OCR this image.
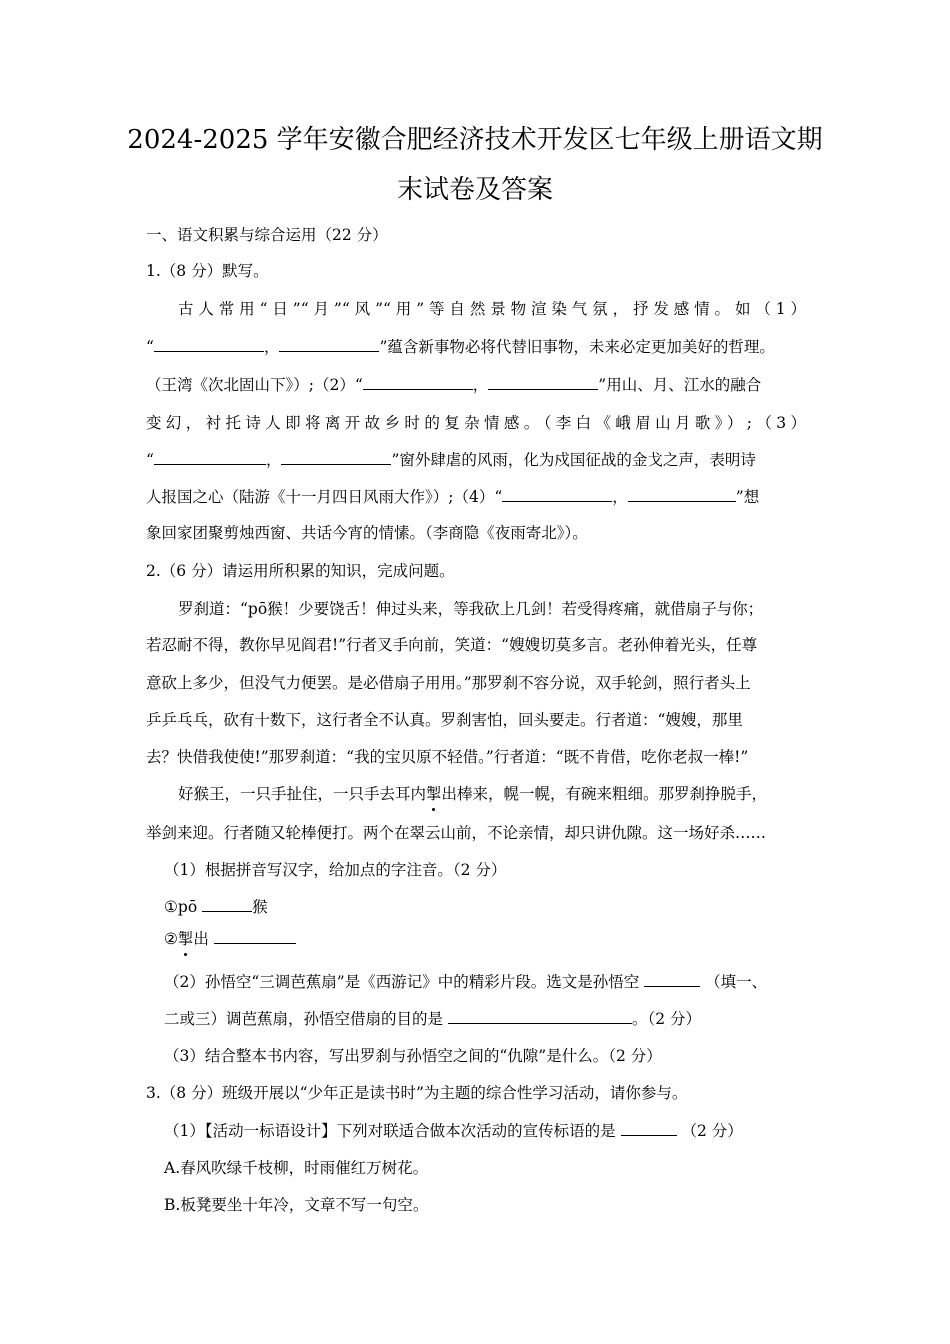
2024-2025 学年安徽合肥经济技术开发区七年级上册语文期
末试卷及答案
一、语文积累与综合运用（22 分）
1.（8 分）默写。
古人常用“日”“月”“风”“用”等自然景物渲染气氛，抒发感情。如（1）
“	，	”蕴含新事物必将代替旧事物，未来必定更加美好的哲理。
（王湾《次北固山下》）;（2）“	，	”用山、月、江水的融合
变幻，衬托诗人即将离开故乡时的复杂情感。（李白《峨眉山月歌》）;（3）
“	，	”窗外肆虐的风雨，化为戍国征战的金戈之声，表明诗
人报国之心（陆游《十一月四日风雨大作》）;（4）“	，	”想
象回家团聚剪烛西窗、共话今宵的情愫。（李商隐《夜雨寄北》）。
2.（6 分）请运用所积累的知识，完成问题。
罗刹道：“pō猴！少要饶舌！伸过头来，等我砍上几剑！若受得疼痛，就借扇子与你；
若忍耐不得，教你早见阎君!”行者叉手向前，笑道：“嫂嫂切莫多言。老孙伸着光头，任尊
意砍上多少，但没气力便罢。是必借扇子用用。”那罗刹不容分说，双手轮剑，照行者头上
乒乒乓乓，砍有十数下，这行者全不认真。罗刹害怕，回头要走。行者道：“嫂嫂，那里
去？快借我使使!”那罗刹道：“我的宝贝原不轻借。”行者道：“既不肯借，吃你老叔一棒!”
好猴王，一只手扯住，一只手去耳内掣出棒来，幌一幌，有碗来粗细。那罗刹挣脱手，
举剑来迎。行者随又轮棒便打。两个在翠云山前，不论亲情，却只讲仇隙。这一场好杀……
（1）根据拼音写汉字，给加点的字注音。（2 分）
①pō	猴
②掣出
（2）孙悟空“三调芭蕉扇”是《西游记》中的精彩片段。选文是孙悟空	（填一、
二或三）调芭蕉扇，孙悟空借扇的目的是	。（2 分）
（3）结合整本书内容，写出罗刹与孙悟空之间的“仇隙”是什么。（2 分）
3.（8 分）班级开展以“少年正是读书时”为主题的综合性学习活动，请你参与。
（1）【活动一标语设计】下列对联适合做本次活动的宣传标语的是	（2 分）
A.春风吹绿千枝柳，时雨催红万树花。
B.板凳要坐十年冷，文章不写一句空。
